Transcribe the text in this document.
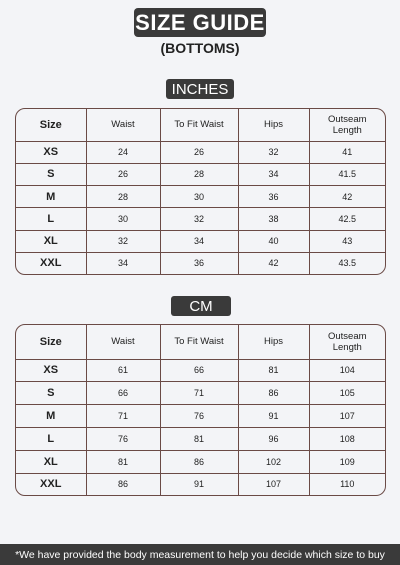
SIZE GUIDE
(BOTTOMS)
INCHES
Size	Waist	To Fit Waist	Hips	Outseam Length
XS	24	26	32	41
S	26	28	34	41.5
M	28	30	36	42
L	30	32	38	42.5
XL	32	34	40	43
XXL	34	36	42	43.5
CM
Size	Waist	To Fit Waist	Hips	Outseam Length
XS	61	66	81	104
S	66	71	86	105
M	71	76	91	107
L	76	81	96	108
XL	81	86	102	109
XXL	86	91	107	110
*We have provided the body measurement to help you decide which size to buy
